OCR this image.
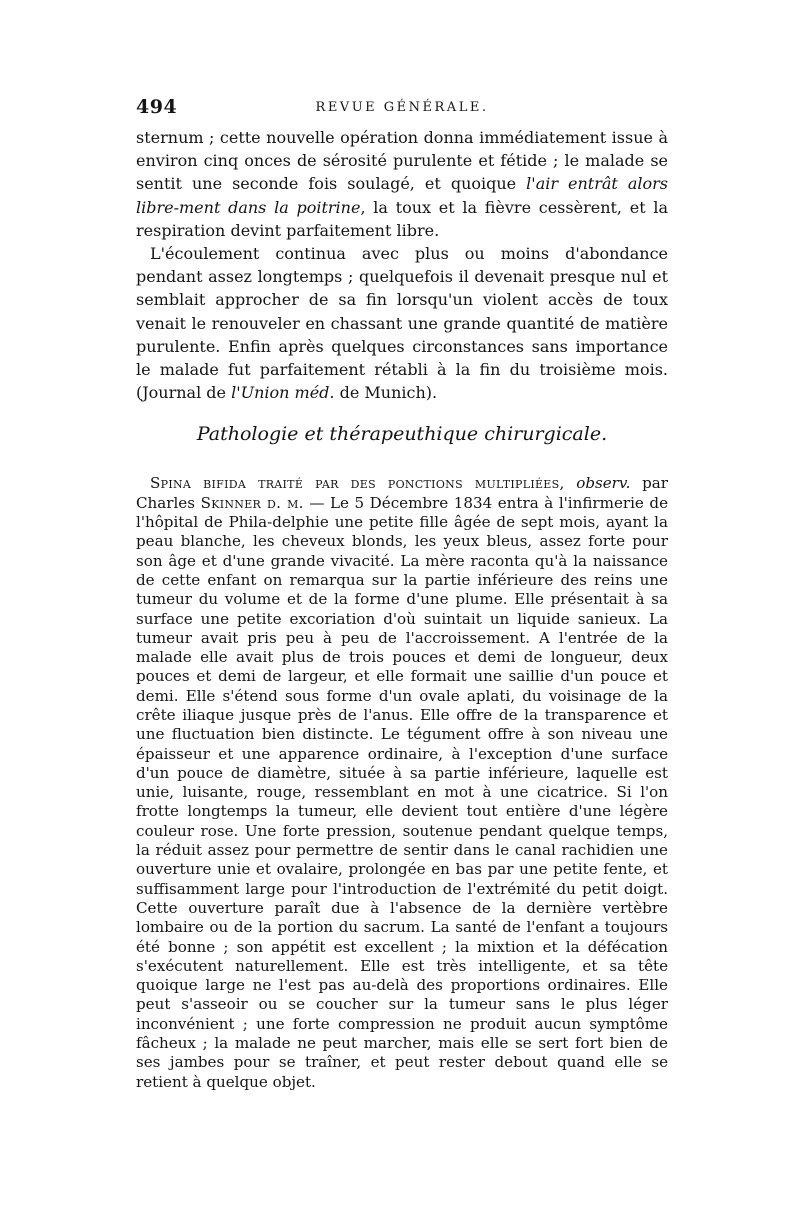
494	REVUE GÉNÉRALE.

sternum ; cette nouvelle opération donna immédiatement issue à environ cinq onces de sérosité purulente et fétide ; le malade se sentit une seconde fois soulagé, et quoique l'air entrât alors libre-ment dans la poitrine, la toux et la fièvre cessèrent, et la respiration devint parfaitement libre.

L'écoulement continua avec plus ou moins d'abondance pendant assez longtemps ; quelquefois il devenait presque nul et semblait approcher de sa fin lorsqu'un violent accès de toux venait le renouveler en chassant une grande quantité de matière purulente. Enfin après quelques circonstances sans importance le malade fut parfaitement rétabli à la fin du troisième mois. (Journal de l'Union méd. de Munich).

Pathologie et thérapeuthique chirurgicale.

Spina bifida traité par des ponctions multipliées, observ. par Charles Skinner d. m. — Le 5 Décembre 1834 entra à l'infirmerie de l'hôpital de Phila-delphie une petite fille âgée de sept mois, ayant la peau blanche, les cheveux blonds, les yeux bleus, assez forte pour son âge et d'une grande vivacité. La mère raconta qu'à la naissance de cette enfant on remarqua sur la partie inférieure des reins une tumeur du volume et de la forme d'une plume. Elle présentait à sa surface une petite excoriation d'où suintait un liquide sanieux. La tumeur avait pris peu à peu de l'accroissement. A l'entrée de la malade elle avait plus de trois pouces et demi de longueur, deux pouces et demi de largeur, et elle formait une saillie d'un pouce et demi. Elle s'étend sous forme d'un ovale aplati, du voisinage de la crête iliaque jusque près de l'anus. Elle offre de la transparence et une fluctuation bien distincte. Le tégument offre à son niveau une épaisseur et une apparence ordinaire, à l'exception d'une surface d'un pouce de diamètre, située à sa partie inférieure, laquelle est unie, luisante, rouge, ressemblant en mot à une cicatrice. Si l'on frotte longtemps la tumeur, elle devient tout entière d'une légère couleur rose. Une forte pression, soutenue pendant quelque temps, la réduit assez pour permettre de sentir dans le canal rachidien une ouverture unie et ovalaire, prolongée en bas par une petite fente, et suffisamment large pour l'introduction de l'extrémité du petit doigt. Cette ouverture paraît due à l'absence de la dernière vertèbre lombaire ou de la portion du sacrum. La santé de l'enfant a toujours été bonne ; son appétit est excellent ; la mixtion et la défécation s'exécutent naturellement. Elle est très intelligente, et sa tête quoique large ne l'est pas au-delà des proportions ordinaires. Elle peut s'asseoir ou se coucher sur la tumeur sans le plus léger inconvénient ; une forte compression ne produit aucun symptôme fâcheux ; la malade ne peut marcher, mais elle se sert fort bien de ses jambes pour se traîner, et peut rester debout quand elle se retient à quelque objet.
